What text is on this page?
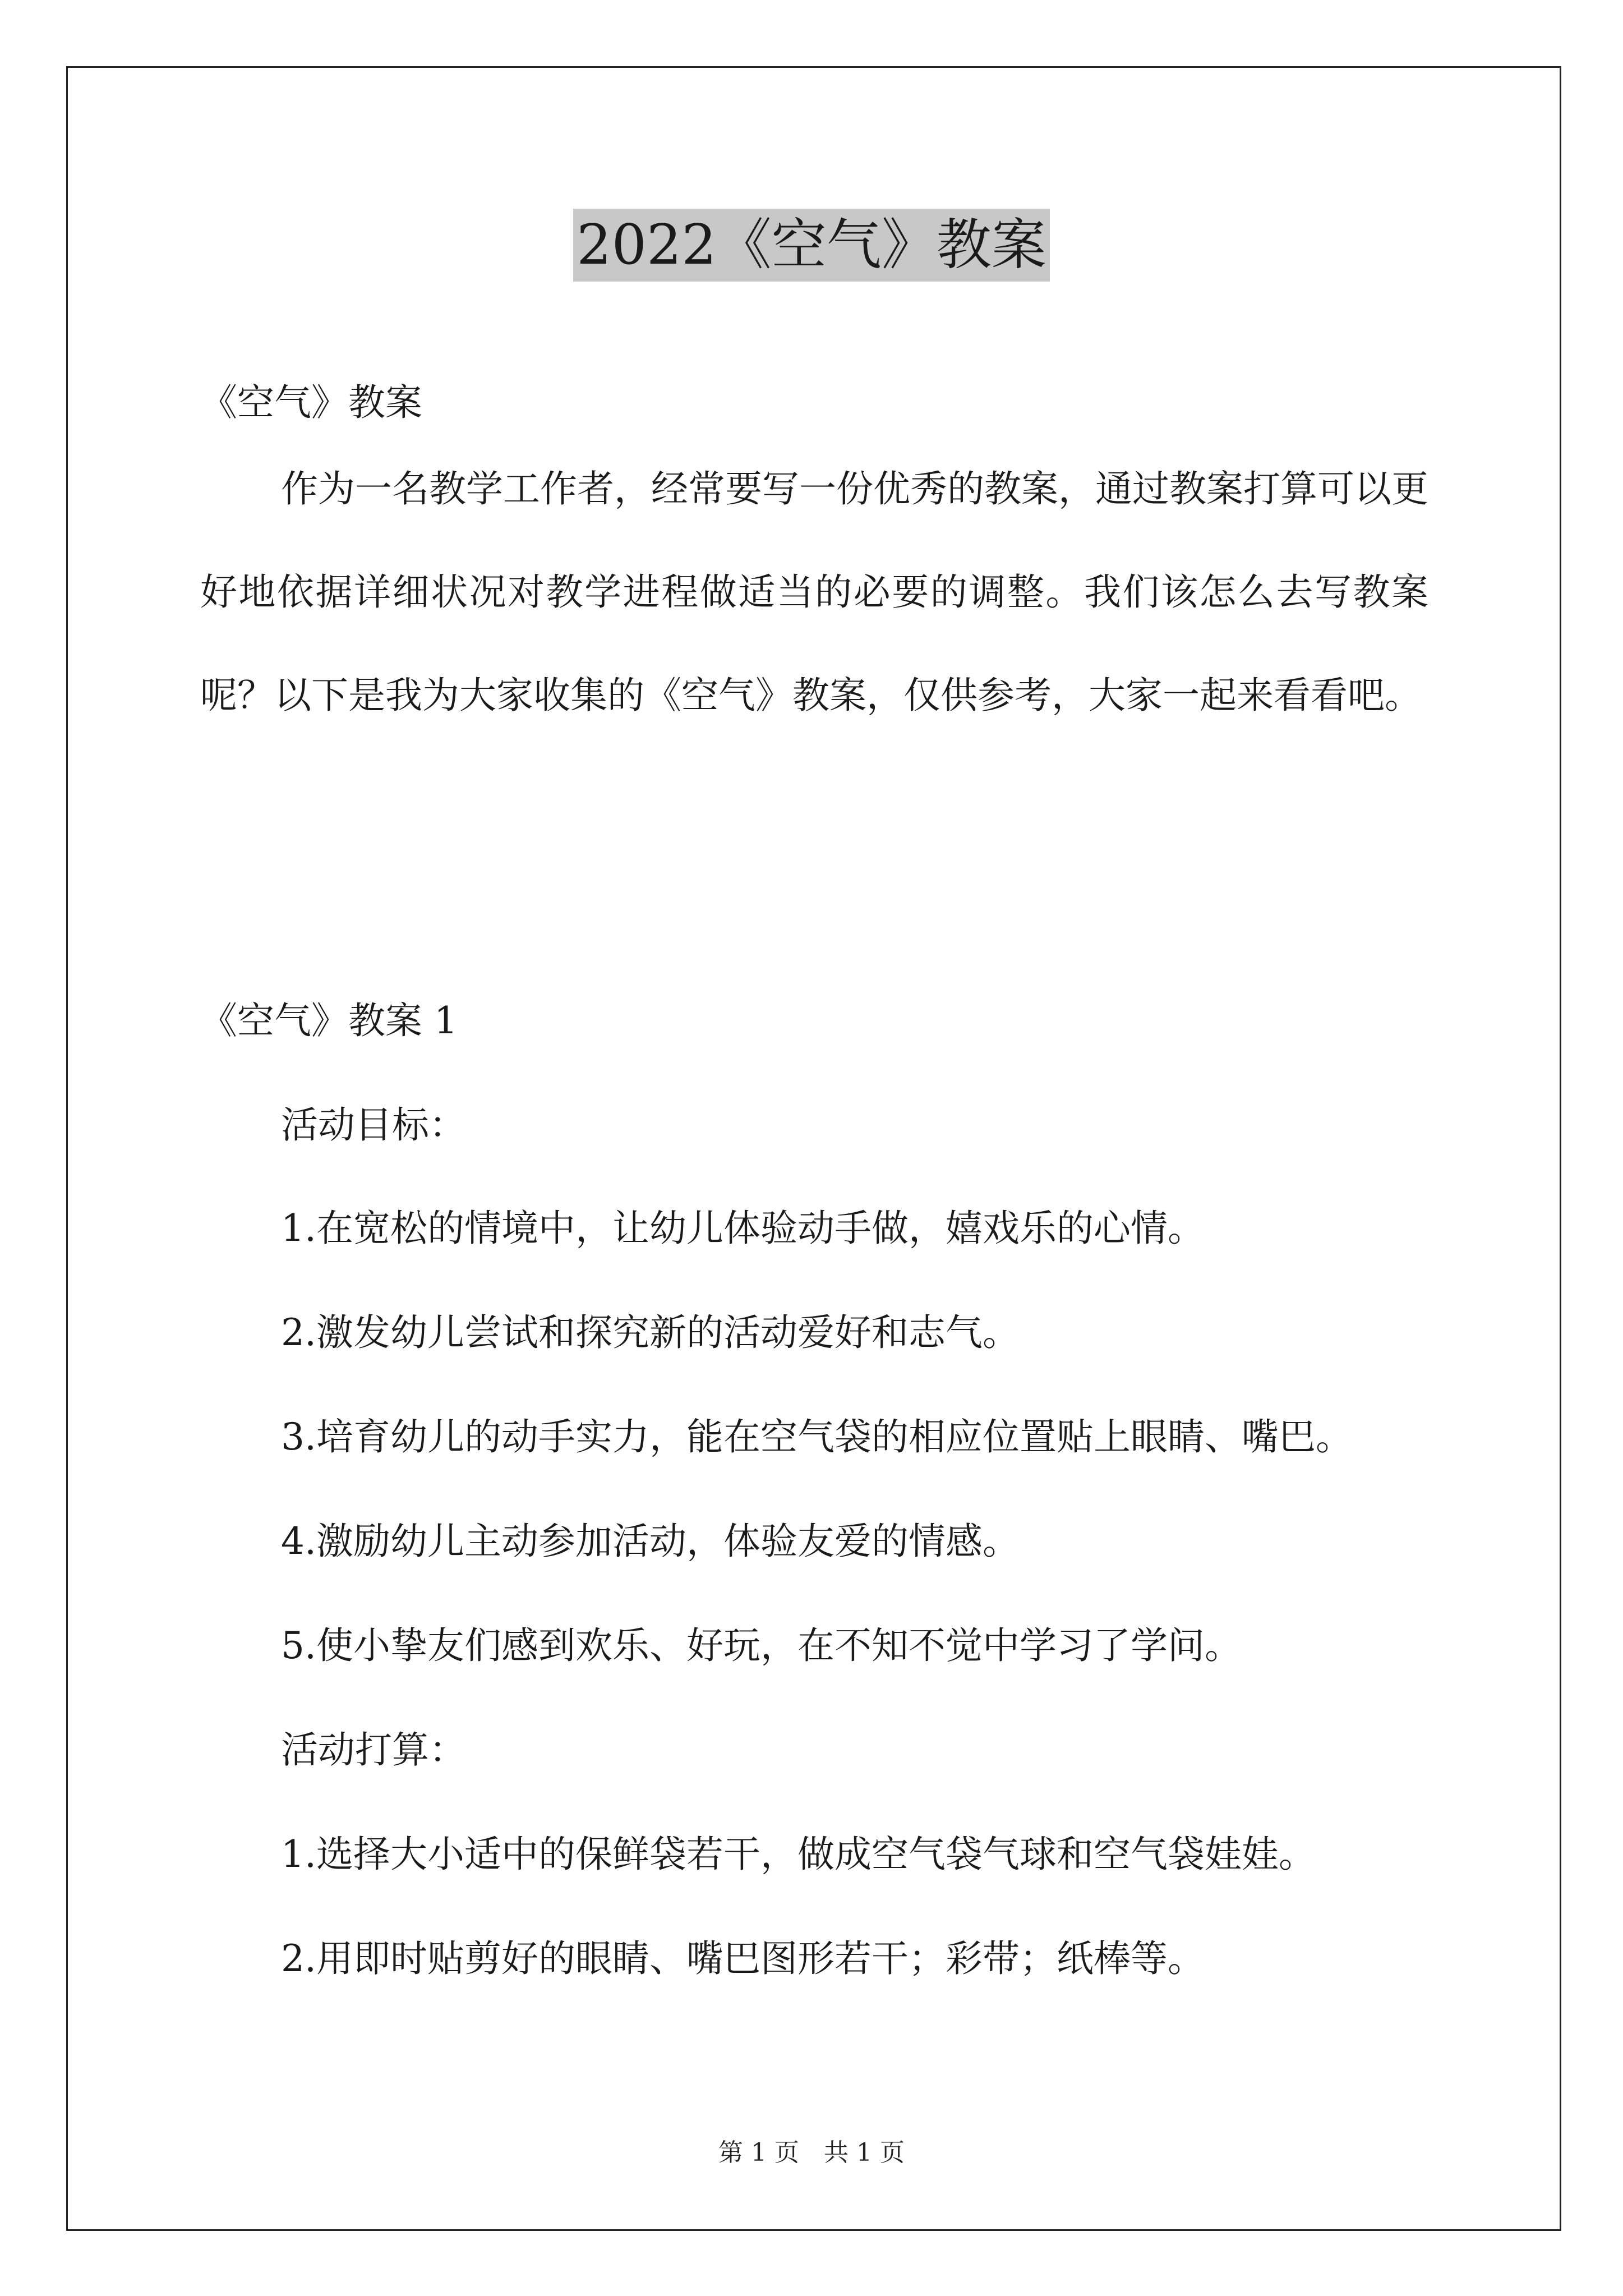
2022《空气》教案
《空气》教案
作为一名教学工作者，经常要写一份优秀的教案，通过教案打算可以更好地依据详细状况对教学进程做适当的必要的调整。我们该怎么去写教案呢？以下是我为大家收集的《空气》教案，仅供参考，大家一起来看看吧。
《空气》教案 1
活动目标：
1.在宽松的情境中，让幼儿体验动手做，嬉戏乐的心情。
2.激发幼儿尝试和探究新的活动爱好和志气。
3.培育幼儿的动手实力，能在空气袋的相应位置贴上眼睛、嘴巴。
4.激励幼儿主动参加活动，体验友爱的情感。
5.使小挚友们感到欢乐、好玩，在不知不觉中学习了学问。
活动打算：
1.选择大小适中的保鲜袋若干，做成空气袋气球和空气袋娃娃。
2.用即时贴剪好的眼睛、嘴巴图形若干；彩带；纸棒等。
第 1 页　共 1 页
